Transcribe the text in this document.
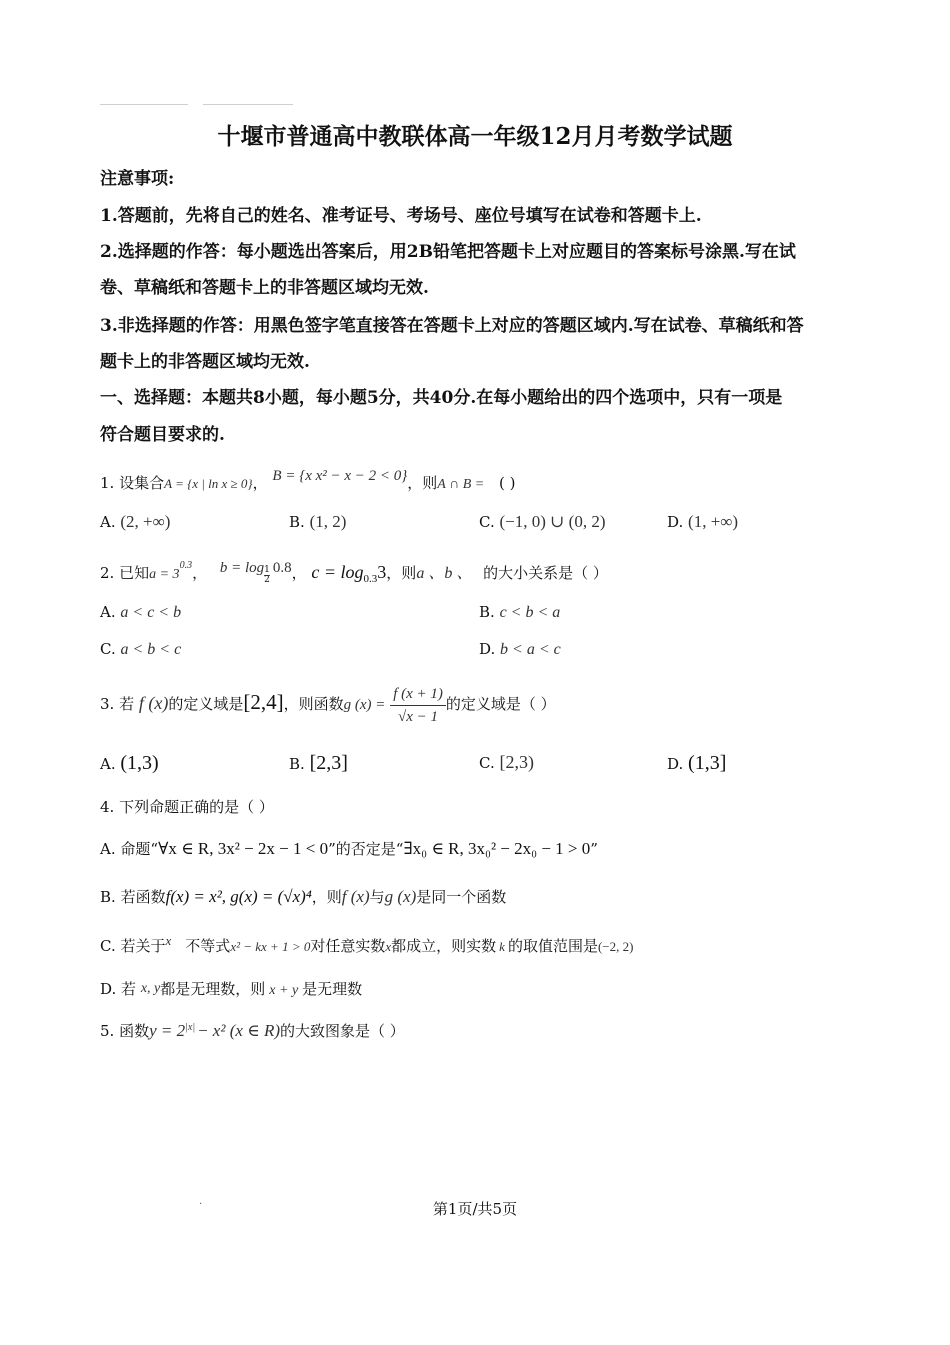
十堰市普通高中教联体高一年级12月月考数学试题
注意事项:
1.答题前，先将自己的姓名、准考证号、考场号、座位号填写在试卷和答题卡上.
2.选择题的作答：每小题选出答案后，用2B铅笔把答题卡上对应题目的答案标号涂黑.写在试
卷、草稿纸和答题卡上的非答题区域均无效.
3.非选择题的作答：用黑色签字笔直接答在答题卡上对应的答题区域内.写在试卷、草稿纸和答
题卡上的非答题区域均无效.
一、选择题：本题共8小题，每小题5分，共40分.在每小题给出的四个选项中，只有一项是
符合题目要求的.
1. 设集合A = {x | ln x ≥ 0}， B = {x x² − x − 2 < 0}，则A ∩ B = ( )
A. (2, +∞)	B. (1, 2)	C. (−1, 0) ∪ (0, 2)	D. (1, +∞)
2. 已知$a = 3^{0.3}$， $b = \log \frac{1}{2} 0.8$， $c = \log_{0.3}3$，则a 、b 、 的大小关系是（ ）
A. a < c < b	B. c < b < a
C. a < b < c	D. b < a < c
3. 若 f (x)的定义域是[2,4]，则函数g $(x) = \frac{f (x + 1)}{√x - 1}$ 的定义域是（ ）
A. (1,3)	B. [2,3]	C. [2,3)	D. (1,3]
4. 下列命题正确的是（ ）
A. 命题“∀x ∈ R, 3x² − 2x − 1 < 0”的否定是“∃x₀ ∈ R, 3x₀² − 2x₀ − 1 > 0”
B. 若函数f(x) = x², g(x) = (√x)⁴，则f (x)与g (x)是同一个函数
C. 若关于x 不等式x² − kx + 1 > 0对任意实数x都成立，则实数 k 的取值范围是(−2, 2)
D. 若 x, y都是无理数，则 x + y 是无理数
5. 函数$y = 2^{|x|} - x^2$ (x ∈ R)的大致图象是（ ）
.	第1页/共5页
